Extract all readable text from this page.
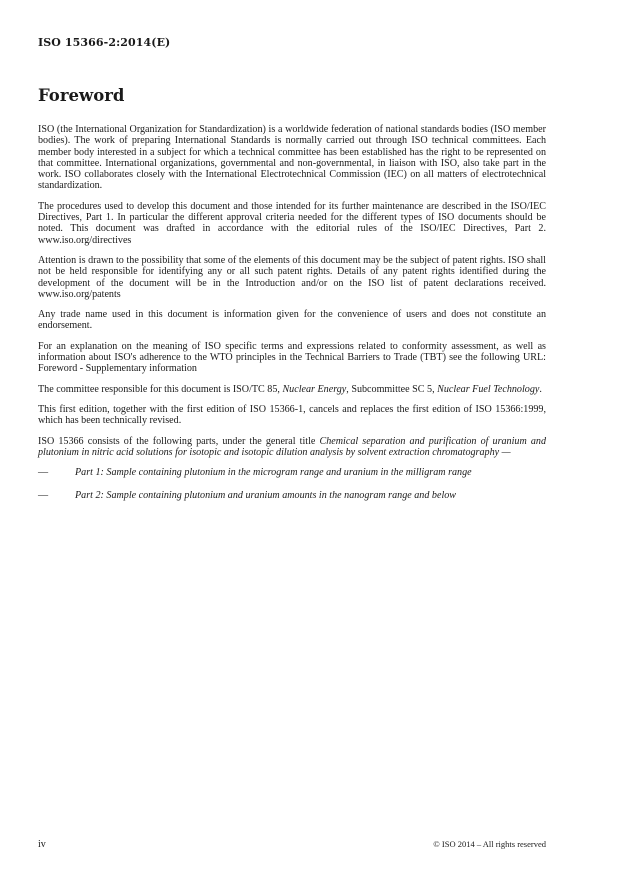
ISO 15366-2:2014(E)
Foreword

ISO (the International Organization for Standardization) is a worldwide federation of national standards bodies (ISO member bodies). The work of preparing International Standards is normally carried out through ISO technical committees. Each member body interested in a subject for which a technical committee has been established has the right to be represented on that committee. International organizations, governmental and non-governmental, in liaison with ISO, also take part in the work. ISO collaborates closely with the International Electrotechnical Commission (IEC) on all matters of electrotechnical standardization.

The procedures used to develop this document and those intended for its further maintenance are described in the ISO/IEC Directives, Part 1. In particular the different approval criteria needed for the different types of ISO documents should be noted. This document was drafted in accordance with the editorial rules of the ISO/IEC Directives, Part 2. www.iso.org/directives

Attention is drawn to the possibility that some of the elements of this document may be the subject of patent rights. ISO shall not be held responsible for identifying any or all such patent rights. Details of any patent rights identified during the development of the document will be in the Introduction and/or on the ISO list of patent declarations received. www.iso.org/patents

Any trade name used in this document is information given for the convenience of users and does not constitute an endorsement.

For an explanation on the meaning of ISO specific terms and expressions related to conformity assessment, as well as information about ISO's adherence to the WTO principles in the Technical Barriers to Trade (TBT) see the following URL: Foreword - Supplementary information

The committee responsible for this document is ISO/TC 85, Nuclear Energy, Subcommittee SC 5, Nuclear Fuel Technology.

This first edition, together with the first edition of ISO 15366-1, cancels and replaces the first edition of ISO 15366:1999, which has been technically revised.

ISO 15366 consists of the following parts, under the general title Chemical separation and purification of uranium and plutonium in nitric acid solutions for isotopic and isotopic dilution analysis by solvent extraction chromatography —

—	Part 1: Sample containing plutonium in the microgram range and uranium in the milligram range
—	Part 2: Sample containing plutonium and uranium amounts in the nanogram range and below
iv	© ISO 2014 – All rights reserved
